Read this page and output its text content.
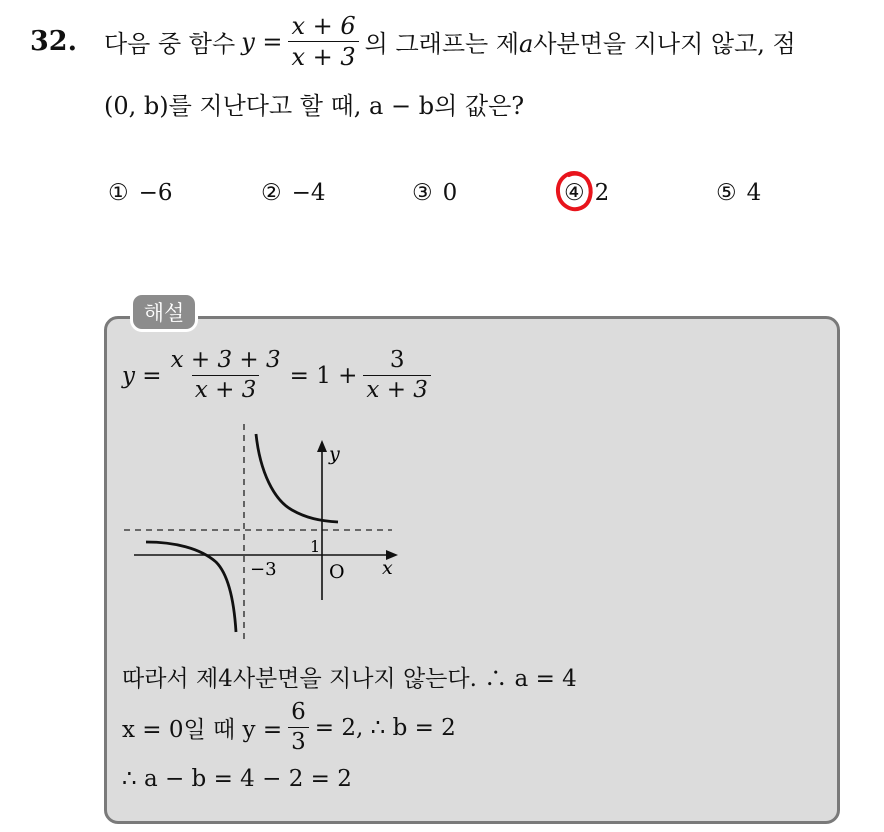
32. 다음 중 함수 $y = \frac{x + 6}{x + 3}$ 의 그래프는 제a사분면을 지나지 않고, 점
(0, b)를 지난다고 할 때, a − b의 값은?
① −6	② −4	③ 0	④ 2	⑤ 4
해설
$y = \frac{x + 3 + 3}{x + 3} = 1 + \frac{3}{x + 3}$
y
x
O
−3
1
따라서 제4사분면을 지나지 않는다. ∴ a = 4
x = 0일 때 $y = \frac{6}{3} = 2$, ∴ b = 2
∴ a − b = 4 − 2 = 2
